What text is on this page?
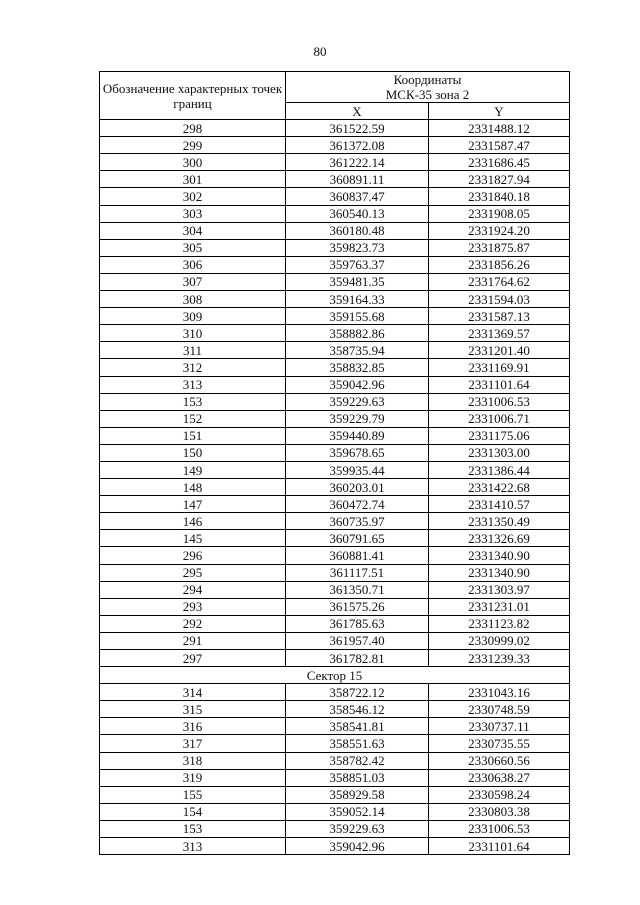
80
Обозначение характерных точек границ	Координаты
МСК-35 зона 2	

	X	Y
298	361522.59	2331488.12
299	361372.08	2331587.47
300	361222.14	2331686.45
301	360891.11	2331827.94
302	360837.47	2331840.18
303	360540.13	2331908.05
304	360180.48	2331924.20
305	359823.73	2331875.87
306	359763.37	2331856.26
307	359481.35	2331764.62
308	359164.33	2331594.03
309	359155.68	2331587.13
310	358882.86	2331369.57
311	358735.94	2331201.40
312	358832.85	2331169.91
313	359042.96	2331101.64
153	359229.63	2331006.53
152	359229.79	2331006.71
151	359440.89	2331175.06
150	359678.65	2331303.00
149	359935.44	2331386.44
148	360203.01	2331422.68
147	360472.74	2331410.57
146	360735.97	2331350.49
145	360791.65	2331326.69
296	360881.41	2331340.90
295	361117.51	2331340.90
294	361350.71	2331303.97
293	361575.26	2331231.01
292	361785.63	2331123.82
291	361957.40	2330999.02
297	361782.81	2331239.33
Сектор 15		
314	358722.12	2331043.16
315	358546.12	2330748.59
316	358541.81	2330737.11
317	358551.63	2330735.55
318	358782.42	2330660.56
319	358851.03	2330638.27
155	358929.58	2330598.24
154	359052.14	2330803.38
153	359229.63	2331006.53
313	359042.96	2331101.64
